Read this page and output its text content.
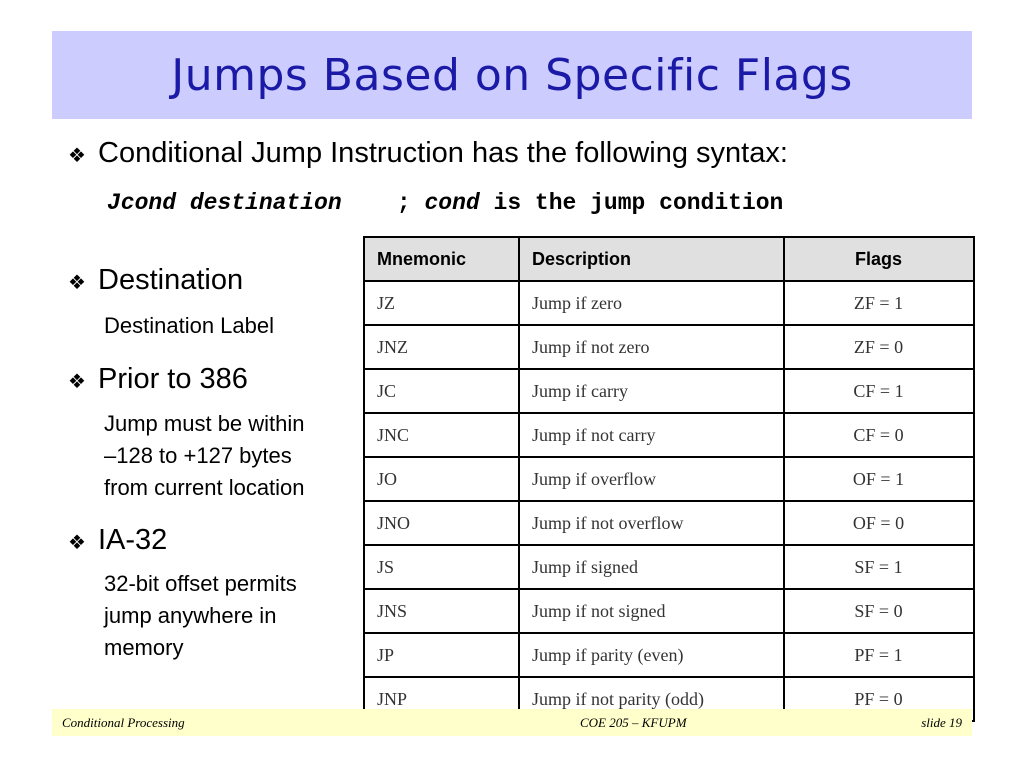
Jumps Based on Specific Flags
❖ Conditional Jump Instruction has the following syntax:
Jcond destination ; cond is the jump condition
❖ Destination
Destination Label
❖ Prior to 386
Jump must be within
–128 to +127 bytes
from current location
❖ IA-32
32-bit offset permits
jump anywhere in
memory
Mnemonic	Description	Flags
JZ	Jump if zero	ZF = 1
JNZ	Jump if not zero	ZF = 0
JC	Jump if carry	CF = 1
JNC	Jump if not carry	CF = 0
JO	Jump if overflow	OF = 1
JNO	Jump if not overflow	OF = 0
JS	Jump if signed	SF = 1
JNS	Jump if not signed	SF = 0
JP	Jump if parity (even)	PF = 1
JNP	Jump if not parity (odd)	PF = 0
Conditional Processing	COE 205 – KFUPM	slide 19
